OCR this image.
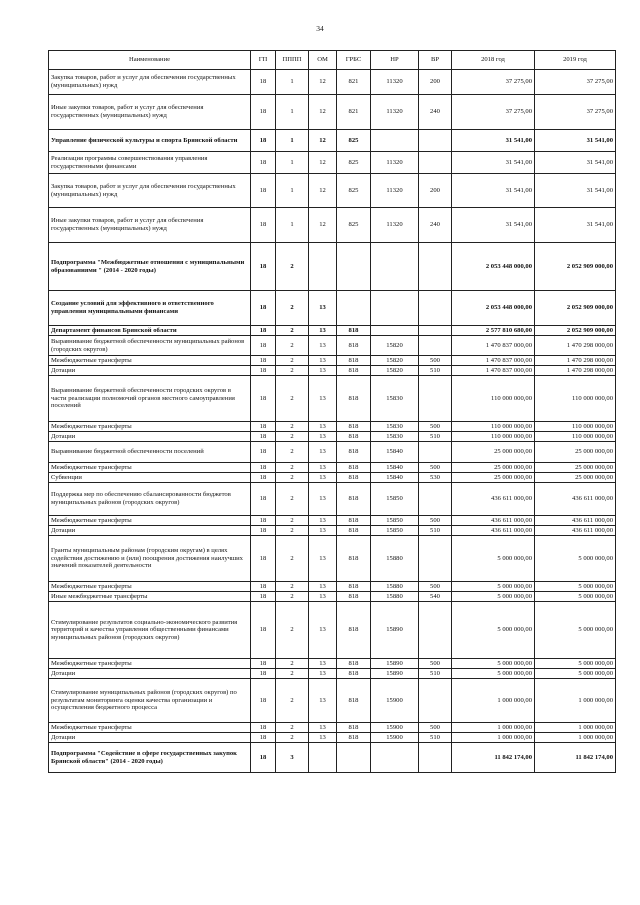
34
Наименование	ГП	ПППП	ОМ	ГРБС	НР	ВР	2018 год	2019 год
Закупка товаров, работ и услуг для обеспечения государственных (муниципальных) нужд	18	1	12	821	11320	200	37 275,00	37 275,00
Иные закупки товаров, работ и услуг для обеспечения государственных (муниципальных) нужд	18	1	12	821	11320	240	37 275,00	37 275,00
Управление физической культуры и спорта Брянской области	18	1	12	825			31 541,00	31 541,00
Реализация программы совершенствования управления государственными финансами	18	1	12	825	11320		31 541,00	31 541,00
Закупка товаров, работ и услуг для обеспечения государственных (муниципальных) нужд	18	1	12	825	11320	200	31 541,00	31 541,00
Иные закупки товаров, работ и услуг для обеспечения государственных (муниципальных) нужд	18	1	12	825	11320	240	31 541,00	31 541,00
Подпрограмма "Межбюджетные отношения с муниципальными образованиями " (2014 - 2020 годы)	18	2					2 053 448 000,00	2 052 909 000,00
Создание условий для эффективного и ответственного управления муниципальными финансами	18	2	13				2 053 448 000,00	2 052 909 000,00
Департамент финансов Брянской области	18	2	13	818			2 577 810 680,00	2 052 909 000,00
Выравнивание бюджетной обеспеченности муниципальных районов (городских округов)	18	2	13	818	15820		1 470 837 000,00	1 470 298 000,00
Межбюджетные трансферты	18	2	13	818	15820	500	1 470 837 000,00	1 470 298 000,00
Дотации	18	2	13	818	15820	510	1 470 837 000,00	1 470 298 000,00
Выравнивание бюджетной обеспеченности городских округов в части реализации полномочий органов местного самоуправления поселений	18	2	13	818	15830		110 000 000,00	110 000 000,00
Межбюджетные трансферты	18	2	13	818	15830	500	110 000 000,00	110 000 000,00
Дотации	18	2	13	818	15830	510	110 000 000,00	110 000 000,00
Выравнивание бюджетной обеспеченности поселений	18	2	13	818	15840		25 000 000,00	25 000 000,00
Межбюджетные трансферты	18	2	13	818	15840	500	25 000 000,00	25 000 000,00
Субвенции	18	2	13	818	15840	530	25 000 000,00	25 000 000,00
Поддержка мер по обеспечению сбалансированности бюджетов муниципальных районов (городских округов)	18	2	13	818	15850		436 611 000,00	436 611 000,00
Межбюджетные трансферты	18	2	13	818	15850	500	436 611 000,00	436 611 000,00
Дотации	18	2	13	818	15850	510	436 611 000,00	436 611 000,00
Гранты муниципальным районам (городским округам) в целях содействия достижению и (или) поощрения достижения наилучших значений показателей деятельности	18	2	13	818	15880		5 000 000,00	5 000 000,00
Межбюджетные трансферты	18	2	13	818	15880	500	5 000 000,00	5 000 000,00
Иные межбюджетные трансферты	18	2	13	818	15880	540	5 000 000,00	5 000 000,00
Стимулирование результатов социально-экономического развития территорий и качества управления общественными финансами муниципальных районов (городских округов)	18	2	13	818	15890		5 000 000,00	5 000 000,00
Межбюджетные трансферты	18	2	13	818	15890	500	5 000 000,00	5 000 000,00
Дотации	18	2	13	818	15890	510	5 000 000,00	5 000 000,00
Стимулирование муниципальных районов (городских округов) по результатам мониторинга оценки качества организации и осуществления бюджетного процесса	18	2	13	818	15900		1 000 000,00	1 000 000,00
Межбюджетные трансферты	18	2	13	818	15900	500	1 000 000,00	1 000 000,00
Дотации	18	2	13	818	15900	510	1 000 000,00	1 000 000,00
Подпрограмма "Содействие в сфере государственных закупок Брянской области" (2014 - 2020 годы)	18	3					11 842 174,00	11 842 174,00
